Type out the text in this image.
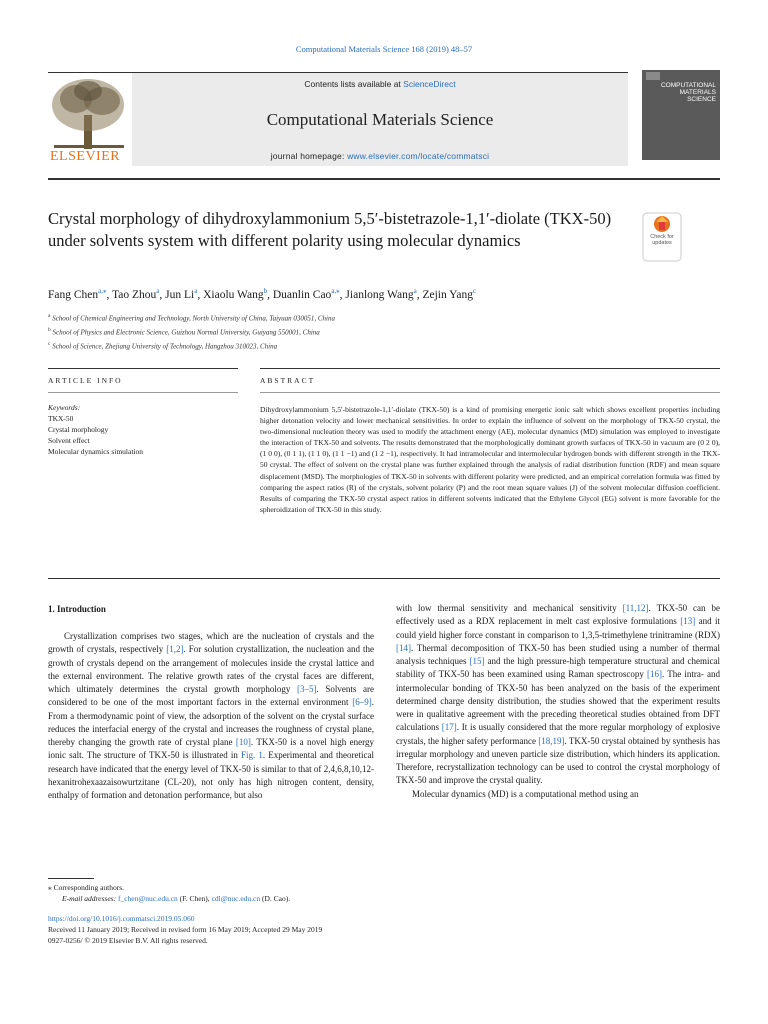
Computational Materials Science 168 (2019) 48–57
ELSEVIER
Contents lists available at ScienceDirect
Computational Materials Science
journal homepage: www.elsevier.com/locate/commatsci
COMPUTATIONAL
MATERIALS
SCIENCE
Crystal morphology of dihydroxylammonium 5,5′-bistetrazole-1,1′-diolate (TKX-50) under solvents system with different polarity using molecular dynamics	Check for
updates
Fang Chen$^{a,⁎}$, Tao Zhou$^a$, Jun Li$^a$, Xiaolu Wang$^b$, Duanlin Cao$^{a,⁎}$, Jianlong Wang$^a$, Zejin Yang$^c$
$^a$ School of Chemical Engineering and Technology, North University of China, Taiyuan 030051, China
$^b$ School of Physics and Electronic Science, Guizhou Normal University, Guiyang 550001, China
$^c$ School of Science, Zhejiang University of Technology, Hangzhou 310023, China
ARTICLE INFO	ABSTRACT
Keywords:
TKX-50
Crystal morphology
Solvent effect
Molecular dynamics simulation
Dihydroxylammonium 5,5′-bistetrazole-1,1′-diolate (TKX-50) is a kind of promising energetic ionic salt which shows excellent properties including higher detonation velocity and lower mechanical sensitivities. In order to explain the influence of solvent on the morphology of TKX-50 crystal, the two-dimensional nucleation theory was used to modify the attachment energy (AE), molecular dynamics (MD) simulation was employed to investigate the interaction of TKX-50 and solvents. The results demonstrated that the morphologically dominant growth surfaces of TKX-50 in vacuum are (0 2 0), (1 0 0), (0 1 1), (1 1 0), (1 1 −1) and (1 2 −1), respectively. It had intramolecular and intermolecular hydrogen bonds with different strength in the TKX-50 crystal. The effect of solvent on the crystal plane was further explained through the analysis of radial distribution function (RDF) and mean square displacement (MSD). The morphologies of TKX-50 in solvents with different polarity were predicted, and an empirical correlation formula was fitted by comparing the aspect ratios (R) of the crystals, solvent polarity (P) and the root mean square values (J) of the solvent molecular diffusion coefficient. Results of comparing the TKX-50 crystal aspect ratios in different solvents indicated that the Ethylene Glycol (EG) solvent is more favorable for the spheroidization of TKX-50 in this study.
1. Introduction

Crystallization comprises two stages, which are the nucleation of crystals and the growth of crystals, respectively [1,2]. For solution crystallization, the nucleation and the growth of crystals depend on the arrangement of molecules inside the crystal lattice and the external environment. The relative growth rates of the crystal faces are different, which ultimately determines the crystal growth morphology [3–5]. Solvents are considered to be one of the most important factors in the external environment [6–9]. From a thermodynamic point of view, the adsorption of the solvent on the crystal surface reduces the interfacial energy of the crystal and increases the roughness of crystal plane, thereby changing the growth rate of crystal plane [10]. TKX-50 is a novel high energy ionic salt. The structure of TKX-50 is illustrated in Fig. 1. Experimental and theoretical research have indicated that the energy level of TKX-50 is similar to that of 2,4,6,8,10,12-hexanitrohexaazaisowurtzitane (CL-20), not only has high nitrogen content, density, enthalpy of formation and detonation performance, but also

with low thermal sensitivity and mechanical sensitivity [11,12]. TKX-50 can be effectively used as a RDX replacement in melt cast explosive formulations [13] and it could yield higher force constant in comparison to 1,3,5-trimethylene trinitramine (RDX) [14]. Thermal decomposition of TKX-50 has been studied using a number of thermal analysis techniques [15] and the high pressure-high temperature structural and chemical stability of TKX-50 has been examined using Raman spectroscopy [16]. The intra- and intermolecular bonding of TKX-50 has been analyzed on the basis of the experiment determined charge density distribution, the studies showed that the experiment results were in qualitative agreement with the preceding theoretical studies obtained from DFT calculations [17]. It is usually considered that the more regular morphology of explosive crystals, the higher safety performance [18,19]. TKX-50 crystal obtained by synthesis has irregular morphology and uneven particle size distribution, which hinders its application. Therefore, recrystallization technology can be used to control the crystal morphology of TKX-50 and improve the crystal quality.

Molecular dynamics (MD) is a computational method using an

⁎ Corresponding authors.
E-mail addresses: f_chen@nuc.edu.cn (F. Chen), cdl@nuc.edu.cn (D. Cao).
https://doi.org/10.1016/j.commatsci.2019.05.060
Received 11 January 2019; Received in revised form 16 May 2019; Accepted 29 May 2019
0927-0256/ © 2019 Elsevier B.V. All rights reserved.
